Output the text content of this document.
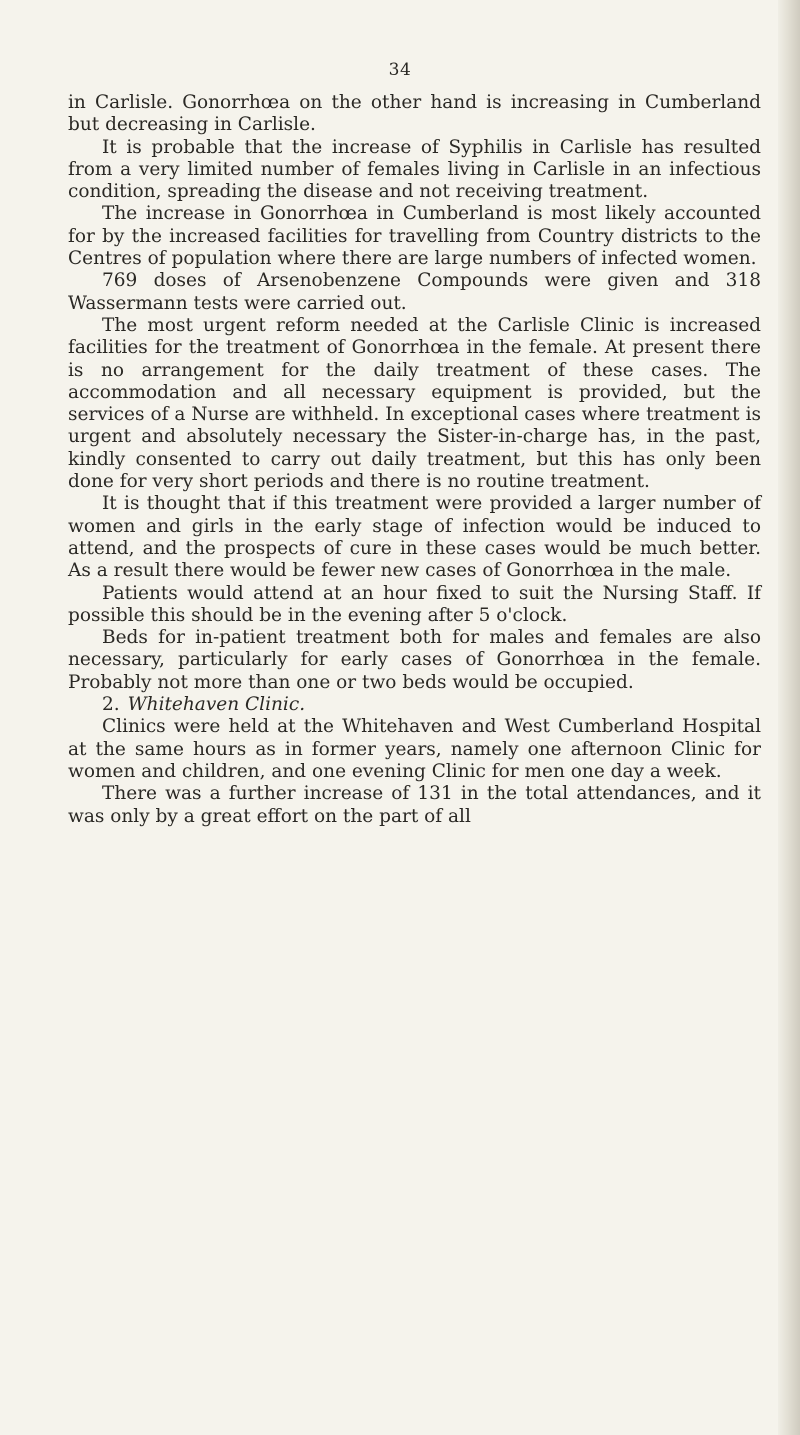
34

in Carlisle. Gonorrhœa on the other hand is increasing in Cumberland but decreasing in Carlisle.

It is probable that the increase of Syphilis in Carlisle has resulted from a very limited number of females living in Carlisle in an infectious condition, spreading the disease and not receiving treatment.

The increase in Gonorrhœa in Cumberland is most likely accounted for by the increased facilities for travelling from Country districts to the Centres of population where there are large numbers of infected women.

769 doses of Arsenobenzene Compounds were given and 318 Wassermann tests were carried out.

The most urgent reform needed at the Carlisle Clinic is increased facilities for the treatment of Gonorrhœa in the female. At present there is no arrangement for the daily treatment of these cases. The accommodation and all necessary equipment is provided, but the services of a Nurse are withheld. In exceptional cases where treatment is urgent and absolutely necessary the Sister-in-charge has, in the past, kindly consented to carry out daily treatment, but this has only been done for very short periods and there is no routine treatment.

It is thought that if this treatment were provided a larger number of women and girls in the early stage of infection would be induced to attend, and the prospects of cure in these cases would be much better. As a result there would be fewer new cases of Gonorrhœa in the male.

Patients would attend at an hour fixed to suit the Nursing Staff. If possible this should be in the evening after 5 o'clock.

Beds for in-patient treatment both for males and females are also necessary, particularly for early cases of Gonorrhœa in the female. Probably not more than one or two beds would be occupied.

2. Whitehaven Clinic.

Clinics were held at the Whitehaven and West Cumberland Hospital at the same hours as in former years, namely one afternoon Clinic for women and children, and one evening Clinic for men one day a week.

There was a further increase of 131 in the total attendances, and it was only by a great effort on the part of all
